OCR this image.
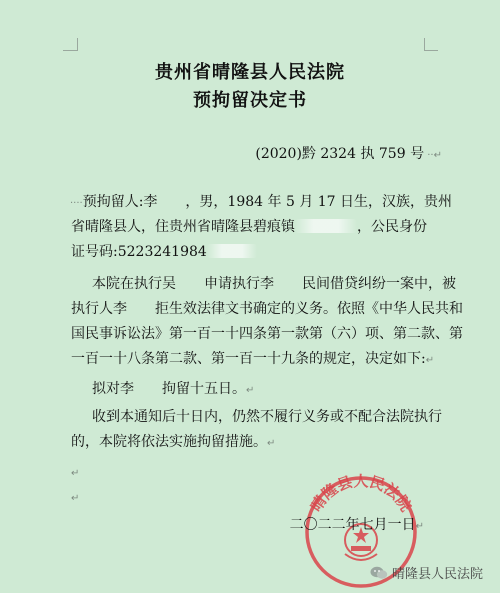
贵州省晴隆县人民法院
预拘留决定书
(2020)黔 2324 执 759 号 ··↵
····预拘留人:李　　，男，1984 年 5 月 17 日生，汉族，贵州
省晴隆县人，住贵州省晴隆县碧痕镇	，公民身份
证号码:5223241984
本院在执行吴　　申请执行李　　民间借贷纠纷一案中，被
执行人李　　拒生效法律文书确定的义务。依照《中华人民共和
国民事诉讼法》第一百一十四条第一款第（六）项、第二款、第
一百一十八条第二款、第一百一十九条的规定，决定如下:↵
拟对李　　拘留十五日。↵
收到本通知后十日内，仍然不履行义务或不配合法院执行
的，本院将依法实施拘留措施。↵
↵
↵	晴隆县人民法院
二〇二二年七月一日↵
晴隆县人民法院
